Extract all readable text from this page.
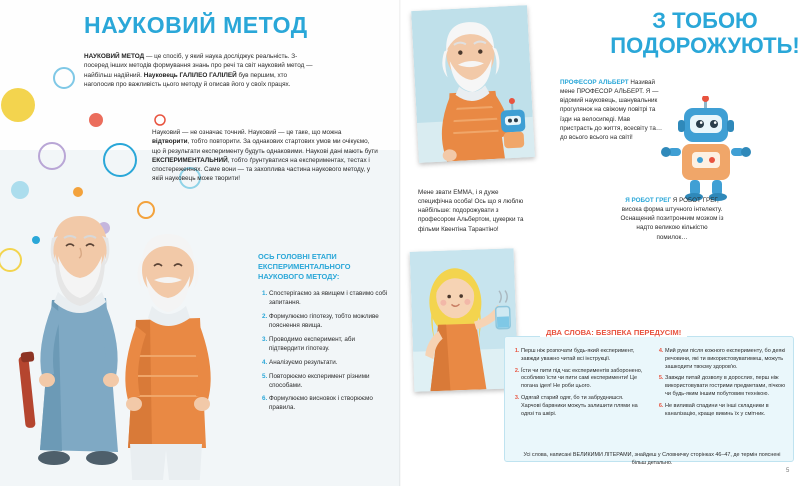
НАУКОВИЙ МЕТОД
НАУКОВИЙ МЕТОД — це спосіб, у який наука досліджує реальність. З-посеред інших методів формування знань про речі та світ науковий метод — найбільш надійний. Науковець ГАЛІЛЕО ГАЛІЛЕЙ був першим, хто наголосив про важливість цього методу й описав його у своїх працях.
Науковий — не означає точний. Науковий — це таке, що можна відтворити, тобто повторити. За однакових стартових умов ми очікуємо, що й результати експерименту будуть однаковими. Наукові дані мають бути ЕКСПЕРИМЕНТАЛЬНИЙ, тобто ґрунтуватися на експериментах, тестах і спостереженнях. Саме вони — та захоплива частина наукового методу, у якій науковець може творити!
ОСЬ ГОЛОВНІ ЕТАПИ ЕКСПЕРИМЕНТАЛЬНОГО НАУКОВОГО МЕТОДУ:
1. Спостерігаємо за явищем і ставимо собі запитання.
2. Формулюємо гіпотезу, тобто можливе пояснення явища.
3. Проводимо експеримент, аби підтвердити гіпотезу.
4. Аналізуємо результати.
5. Повторюємо експеримент різними способами.
6. Формулюємо висновок і створюємо правила.
З ТОБОЮ
ПОДОРОЖУЮТЬ!
ПРОФЕСОР АЛЬБЕРТ Називай мене ПРОФЕСОР АЛЬБЕРТ. Я — відомий науковець, шанувальник прогулянок на свіжому повітрі та їзди на велосипеді. Мав пристрасть до життя, всесвіту та… до всього всього на світі!
Я РОБОТ ГРЕГ Я РОБОТ ГРЕГ, висока форма штучного інтелекту. Оснащений позитронним мозком із надто великою кількістю помилок…
Мене звати ЕММА, і я дуже специфічна особа! Ось що я люблю найбільше: подорожувати з професором Альбертом, цукерки та фільми Квентіна Тарантіно!
ДВА СЛОВА: БЕЗПЕКА ПЕРЕДУСІМ!
1. Перш ніж розпочати будь-який експеримент, завжди уважно читай всі інструкції.
2. Їсти чи пити під час експериментів заборонено, особливо їсти чи пити самі експерименти! Це погана ідея! Не роби цього.
3. Одягай старий одяг, бо ти забруднишся. Харчові барвники можуть залишити плями на одязі та шкірі.
4. Мий руки після кожного експерименту, бо деякі речовини, які ти використовуватимеш, можуть зашкодити твоєму здоров'ю.
5. Завжди питай дозволу в дорослих, перш ніж використовувати гострими предметами, пічкою чи будь-яким іншим побутовим технікою.
6. Не виливай спадини чи інші складники в каналізацію, краще викинь їх у смітник.
Усі слова, написані ВЕЛИКИМИ ЛІТЕРАМИ, знайдеш у Словничку сторінках 46–47, де термін пояснені більш детально.
5
